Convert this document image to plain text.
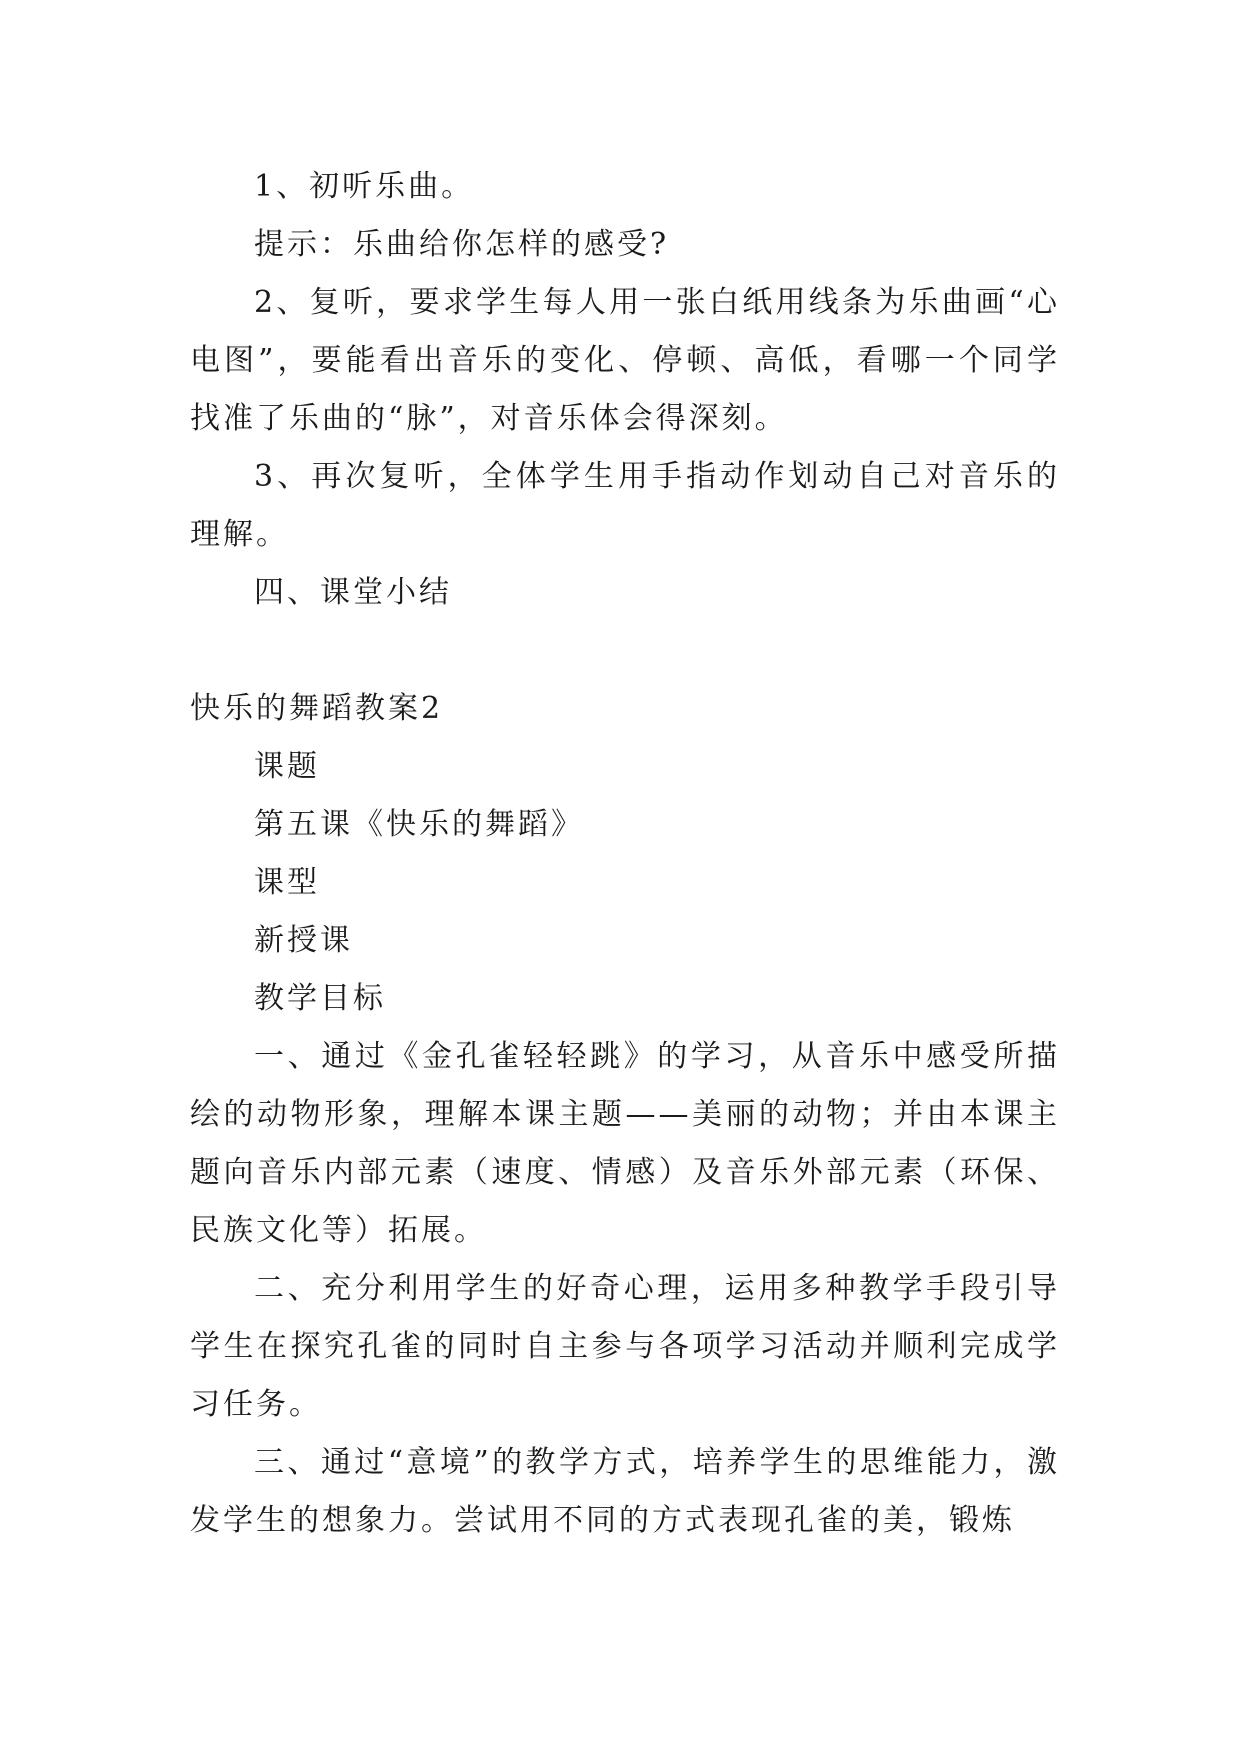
1、初听乐曲。

提示：乐曲给你怎样的感受?

2、复听，要求学生每人用一张白纸用线条为乐曲画“心电图”，要能看出音乐的变化、停顿、高低，看哪一个同学找准了乐曲的“脉”，对音乐体会得深刻。

3、再次复听，全体学生用手指动作划动自己对音乐的理解。

四、课堂小结

快乐的舞蹈教案2

课题

第五课《快乐的舞蹈》

课型

新授课

教学目标

一、通过《金孔雀轻轻跳》的学习，从音乐中感受所描绘的动物形象，理解本课主题——美丽的动物；并由本课主题向音乐内部元素（速度、情感）及音乐外部元素（环保、民族文化等）拓展。

二、充分利用学生的好奇心理，运用多种教学手段引导学生在探究孔雀的同时自主参与各项学习活动并顺利完成学习任务。

三、通过“意境”的教学方式，培养学生的思维能力，激发学生的想象力。尝试用不同的方式表现孔雀的美，锻炼
